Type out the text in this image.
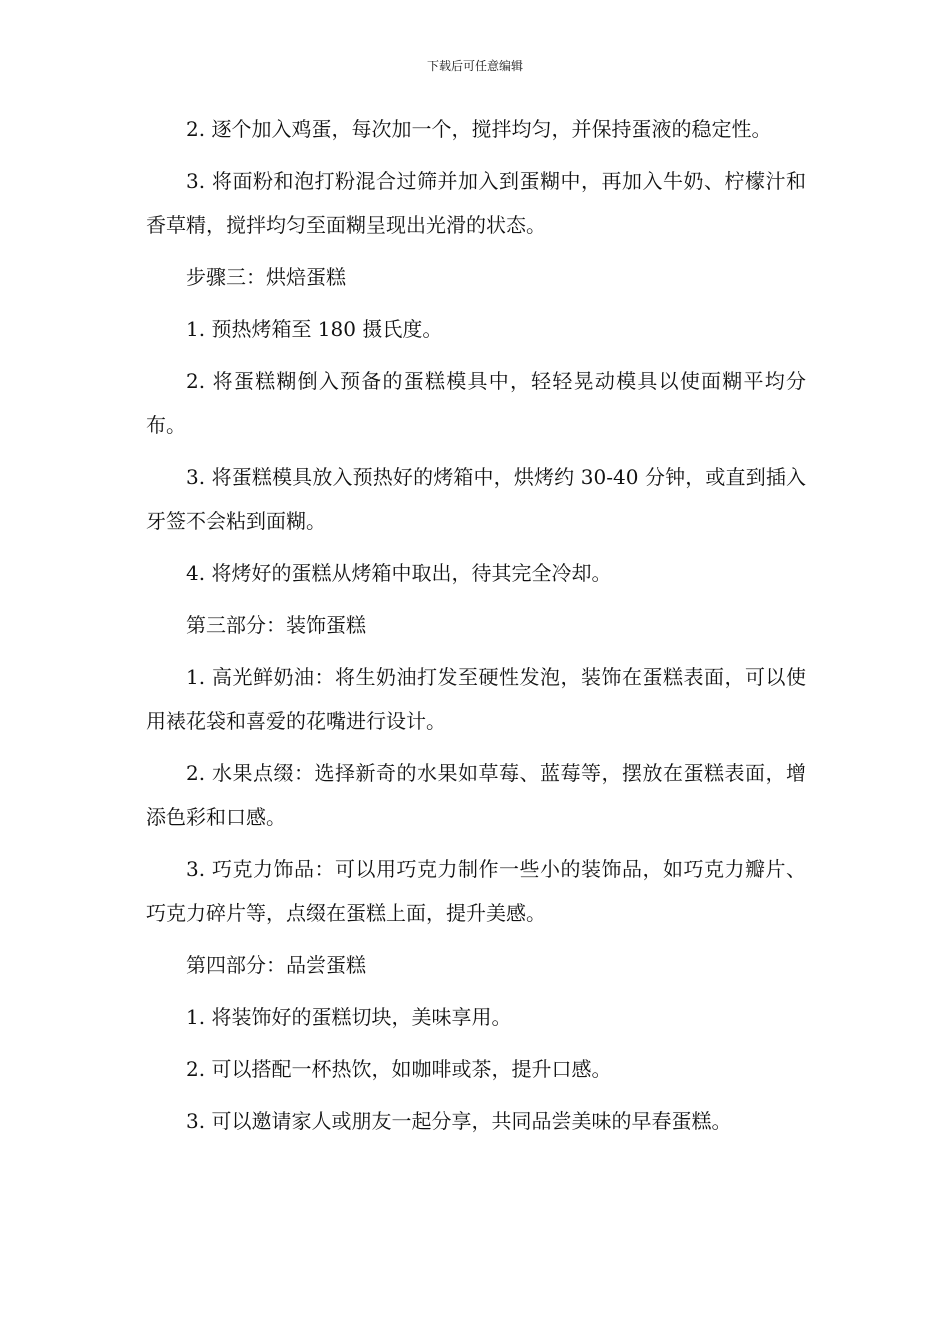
下载后可任意编辑

2. 逐个加入鸡蛋，每次加一个，搅拌均匀，并保持蛋液的稳定性。

3. 将面粉和泡打粉混合过筛并加入到蛋糊中，再加入牛奶、柠檬汁和香草精，搅拌均匀至面糊呈现出光滑的状态。

步骤三：烘焙蛋糕

1. 预热烤箱至 180 摄氏度。

2. 将蛋糕糊倒入预备的蛋糕模具中，轻轻晃动模具以使面糊平均分布。

3. 将蛋糕模具放入预热好的烤箱中，烘烤约 30-40 分钟，或直到插入牙签不会粘到面糊。

4. 将烤好的蛋糕从烤箱中取出，待其完全冷却。

第三部分：装饰蛋糕

1. 高光鲜奶油：将生奶油打发至硬性发泡，装饰在蛋糕表面，可以使用裱花袋和喜爱的花嘴进行设计。

2. 水果点缀：选择新奇的水果如草莓、蓝莓等，摆放在蛋糕表面，增添色彩和口感。

3. 巧克力饰品：可以用巧克力制作一些小的装饰品，如巧克力瓣片、巧克力碎片等，点缀在蛋糕上面，提升美感。

第四部分：品尝蛋糕

1. 将装饰好的蛋糕切块，美味享用。

2. 可以搭配一杯热饮，如咖啡或茶，提升口感。

3. 可以邀请家人或朋友一起分享，共同品尝美味的早春蛋糕。
